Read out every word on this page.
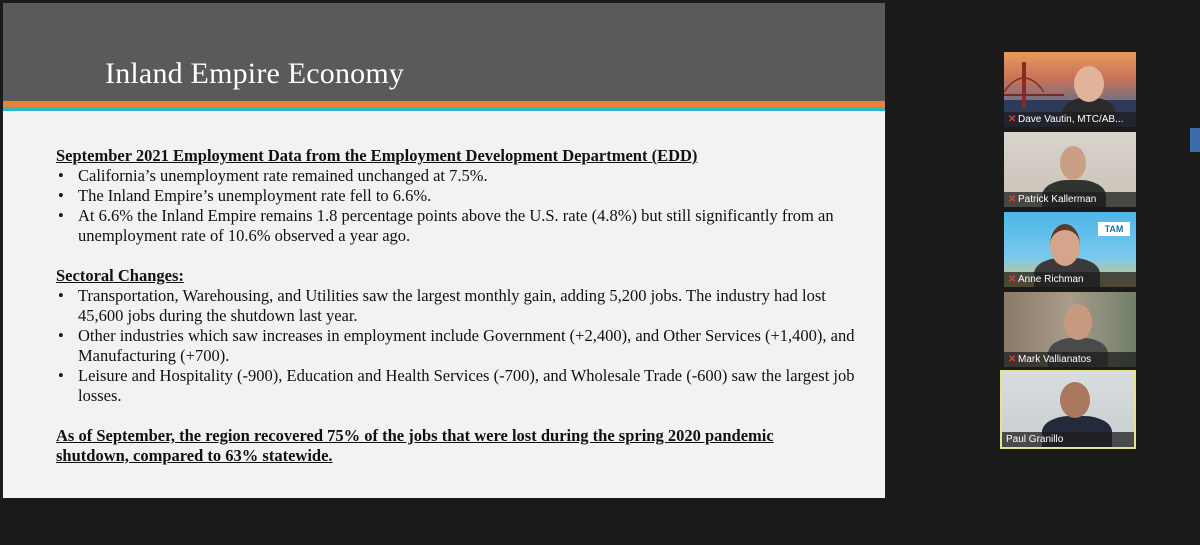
Inland Empire Economy
September 2021 Employment Data from the Employment Development Department (EDD)
• California’s unemployment rate remained unchanged at 7.5%.
• The Inland Empire’s unemployment rate fell to 6.6%.
• At 6.6% the Inland Empire remains 1.8 percentage points above the U.S. rate (4.8%) but still significantly from an unemployment rate of 10.6% observed a year ago.
Sectoral Changes:
• Transportation, Warehousing, and Utilities saw the largest monthly gain, adding 5,200 jobs. The industry had lost 45,600 jobs during the shutdown last year.
• Other industries which saw increases in employment include Government (+2,400), and Other Services (+1,400), and Manufacturing (+700).
• Leisure and Hospitality (-900), Education and Health Services (-700), and Wholesale Trade (-600) saw the largest job losses.
As of September, the region recovered 75% of the jobs that were lost during the spring 2020 pandemic shutdown, compared to 63% statewide.
✕ Dave Vautin, MTC/AB...
✕ Patrick Kallerman
TAM
✕ Anne Richman
✕ Mark Vallianatos
Paul Granillo
